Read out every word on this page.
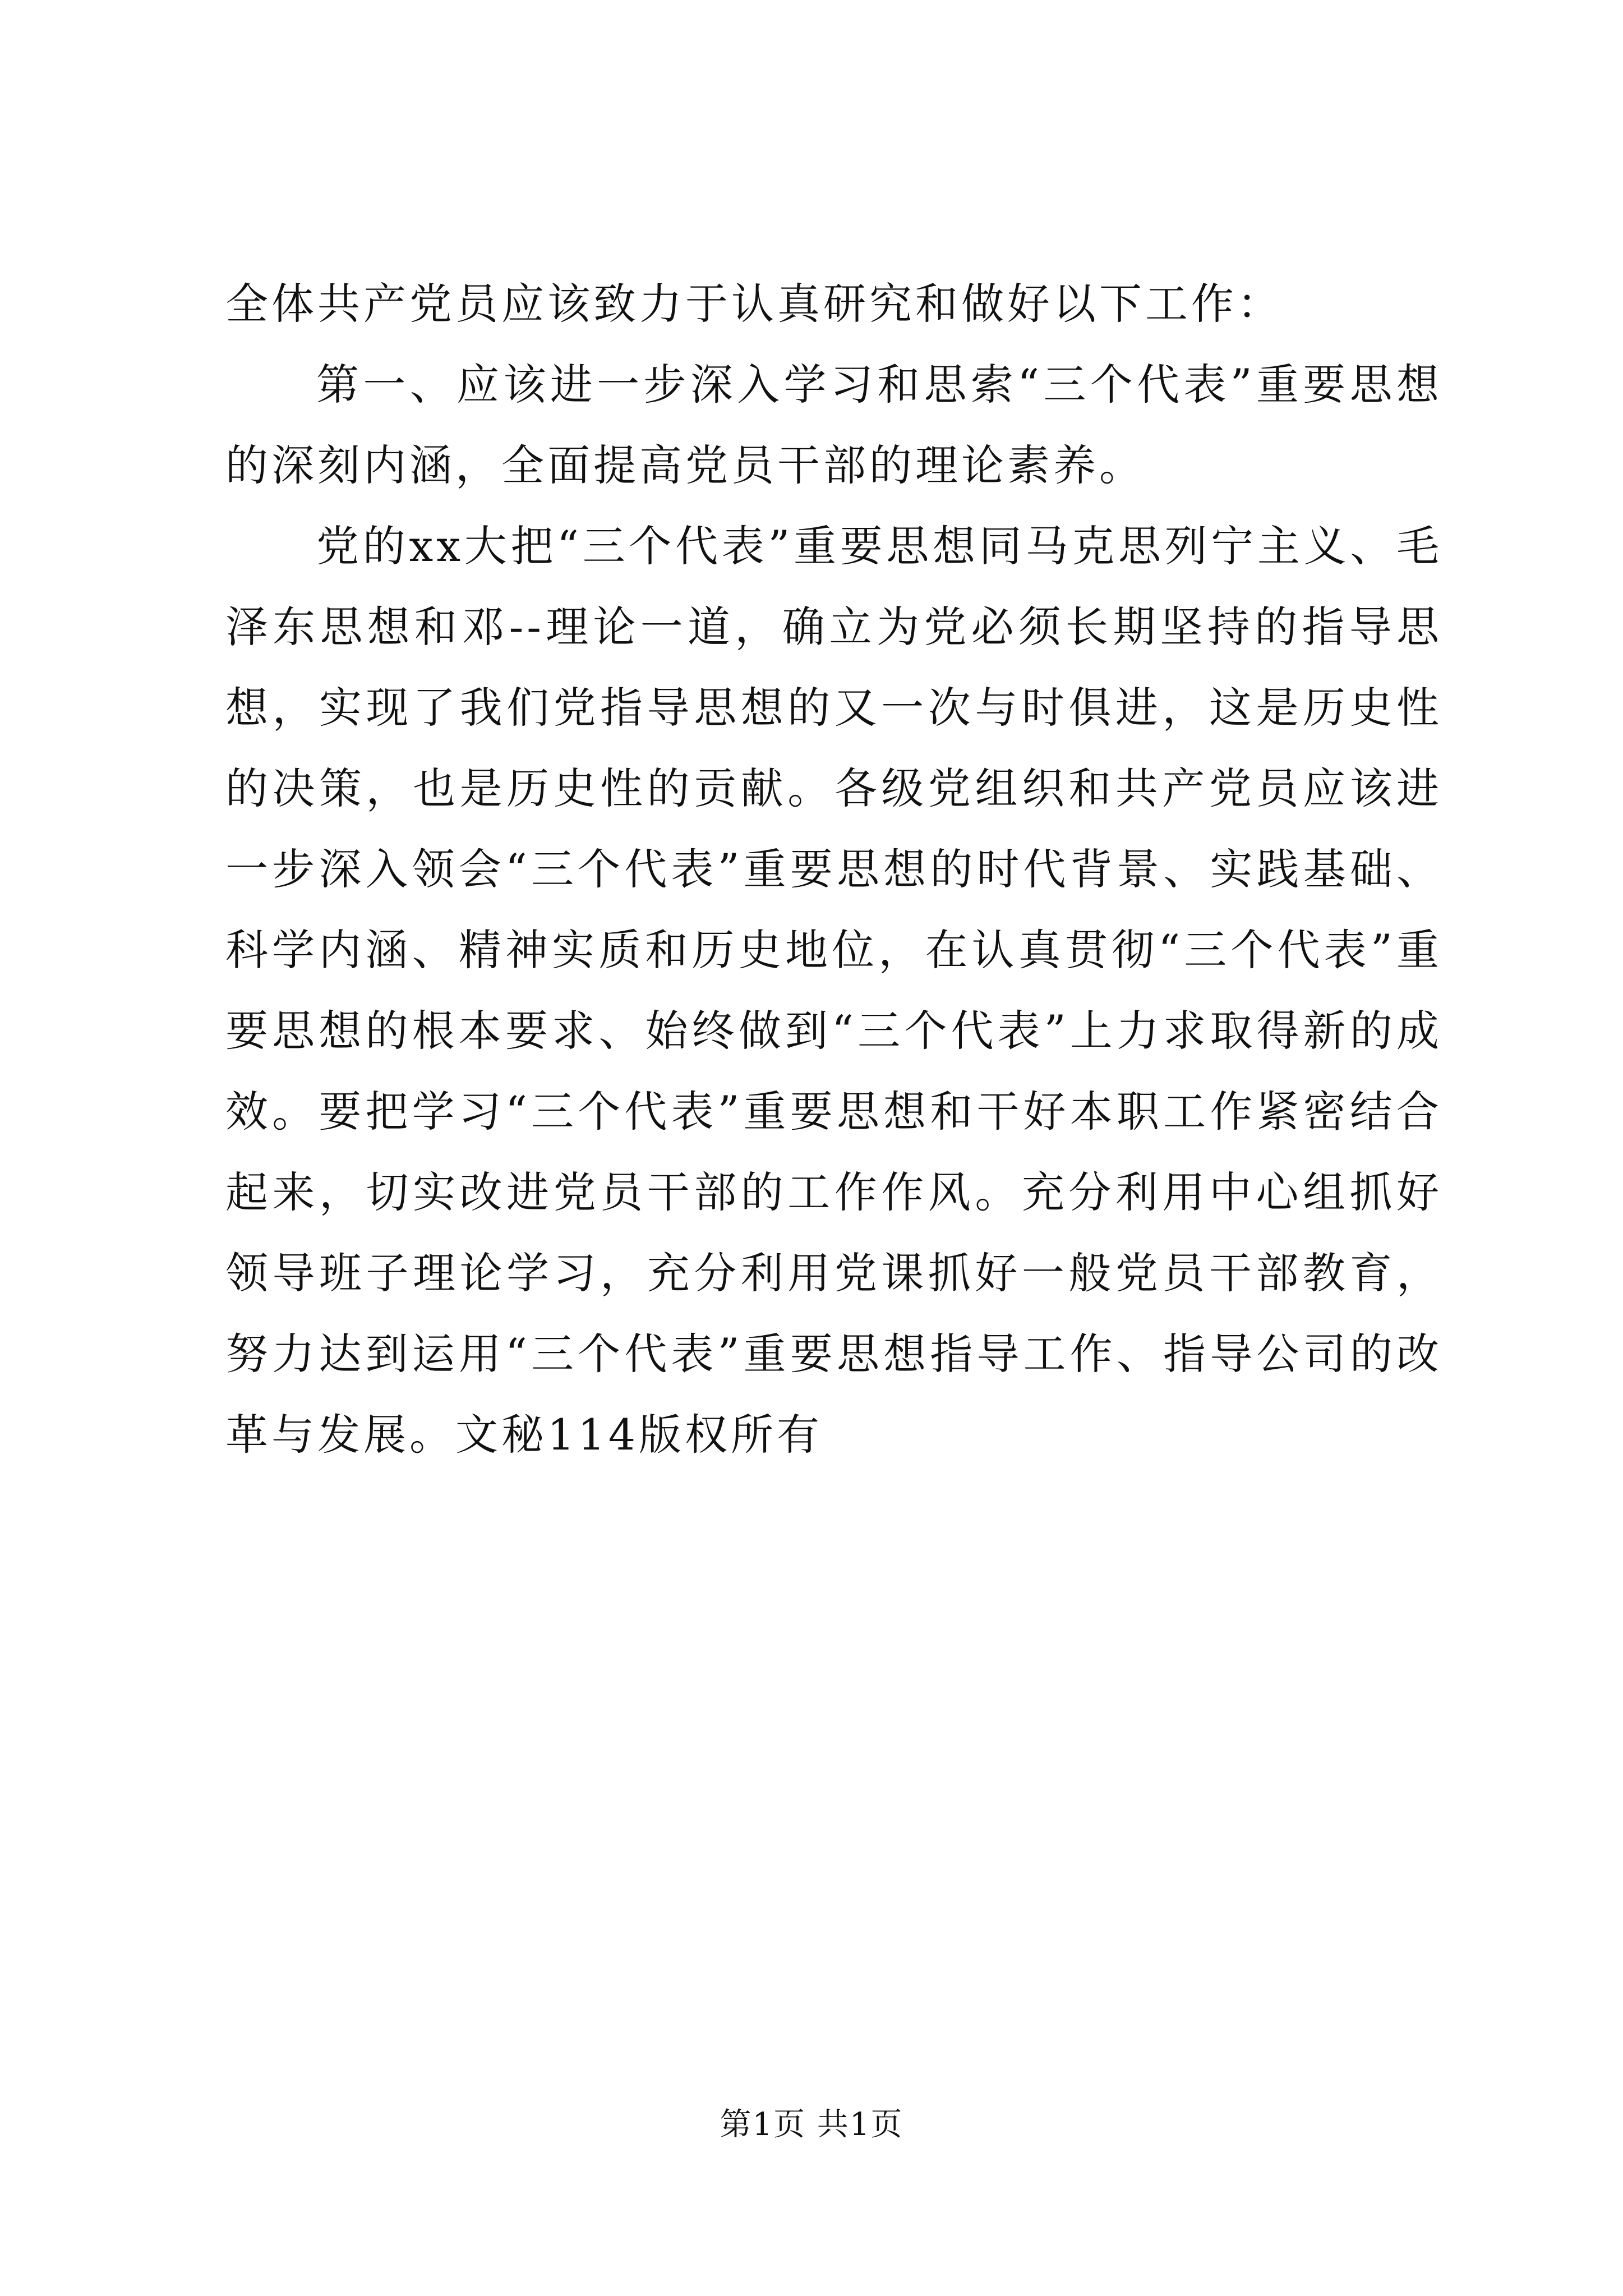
全体共产党员应该致力于认真研究和做好以下工作：

第一、应该进一步深入学习和思索“三个代表”重要思想的深刻内涵，全面提高党员干部的理论素养。

党的xx大把“三个代表”重要思想同马克思列宁主义、毛泽东思想和邓--理论一道，确立为党必须长期坚持的指导思想，实现了我们党指导思想的又一次与时俱进，这是历史性的决策，也是历史性的贡献。各级党组织和共产党员应该进一步深入领会“三个代表”重要思想的时代背景、实践基础、科学内涵、精神实质和历史地位，在认真贯彻“三个代表”重要思想的根本要求、始终做到“三个代表”上力求取得新的成效。要把学习“三个代表”重要思想和干好本职工作紧密结合起来，切实改进党员干部的工作作风。充分利用中心组抓好领导班子理论学习，充分利用党课抓好一般党员干部教育，努力达到运用“三个代表”重要思想指导工作、指导公司的改革与发展。文秘114版权所有

第1页 共1页
